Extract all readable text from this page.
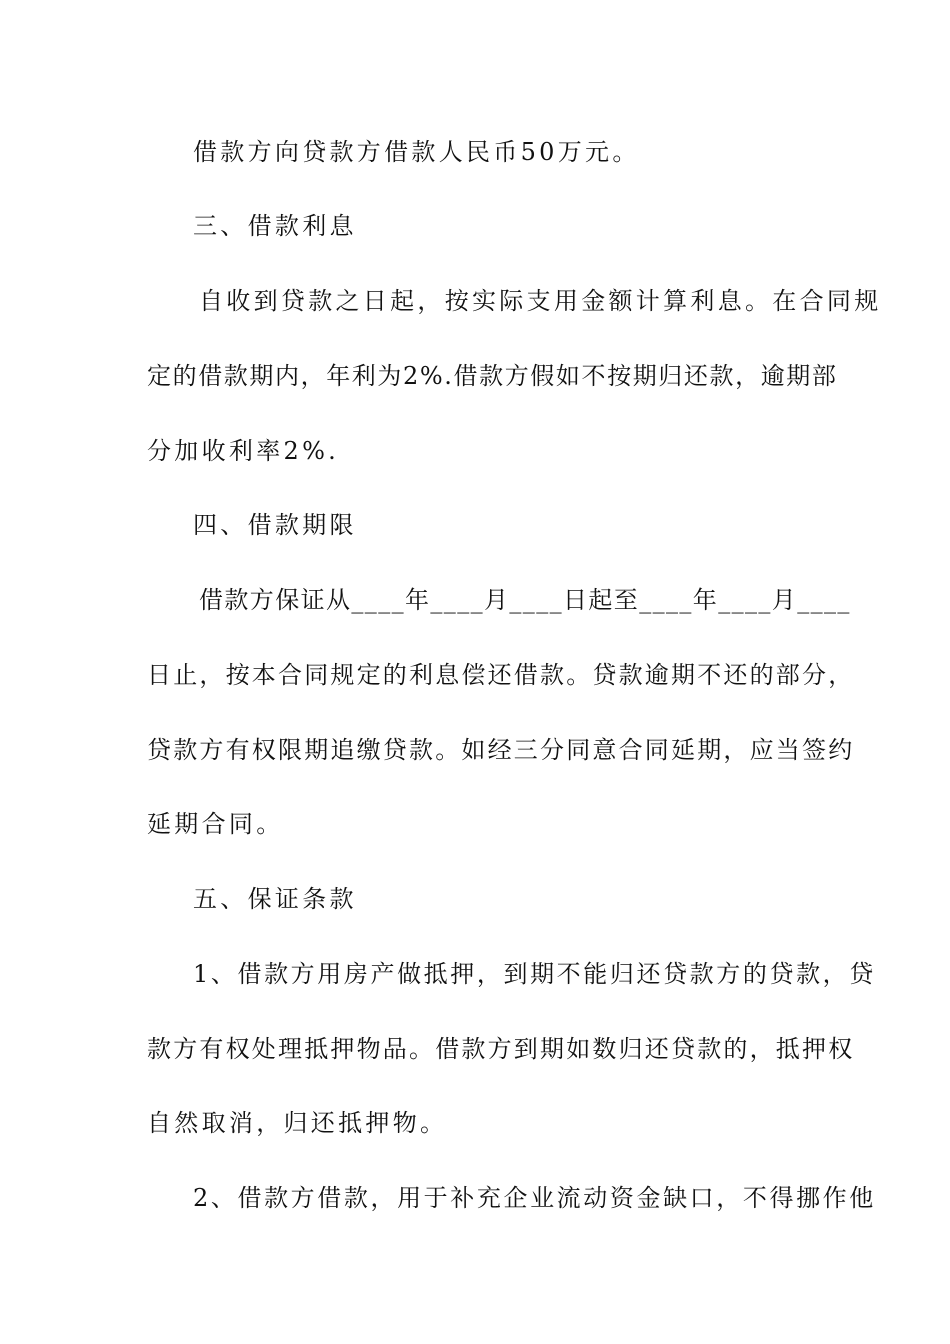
借款方向贷款方借款人民币50万元。
三、借款利息
自收到贷款之日起，按实际支用金额计算利息。在合同规
定的借款期内，年利为2%.借款方假如不按期归还款，逾期部
分加收利率2%.
四、借款期限
借款方保证从____年____月____日起至____年____月____
日止，按本合同规定的利息偿还借款。贷款逾期不还的部分，
贷款方有权限期追缴贷款。如经三分同意合同延期，应当签约
延期合同。
五、保证条款
1、借款方用房产做抵押，到期不能归还贷款方的贷款，贷
款方有权处理抵押物品。借款方到期如数归还贷款的，抵押权
自然取消，归还抵押物。
2、借款方借款，用于补充企业流动资金缺口，不得挪作他
